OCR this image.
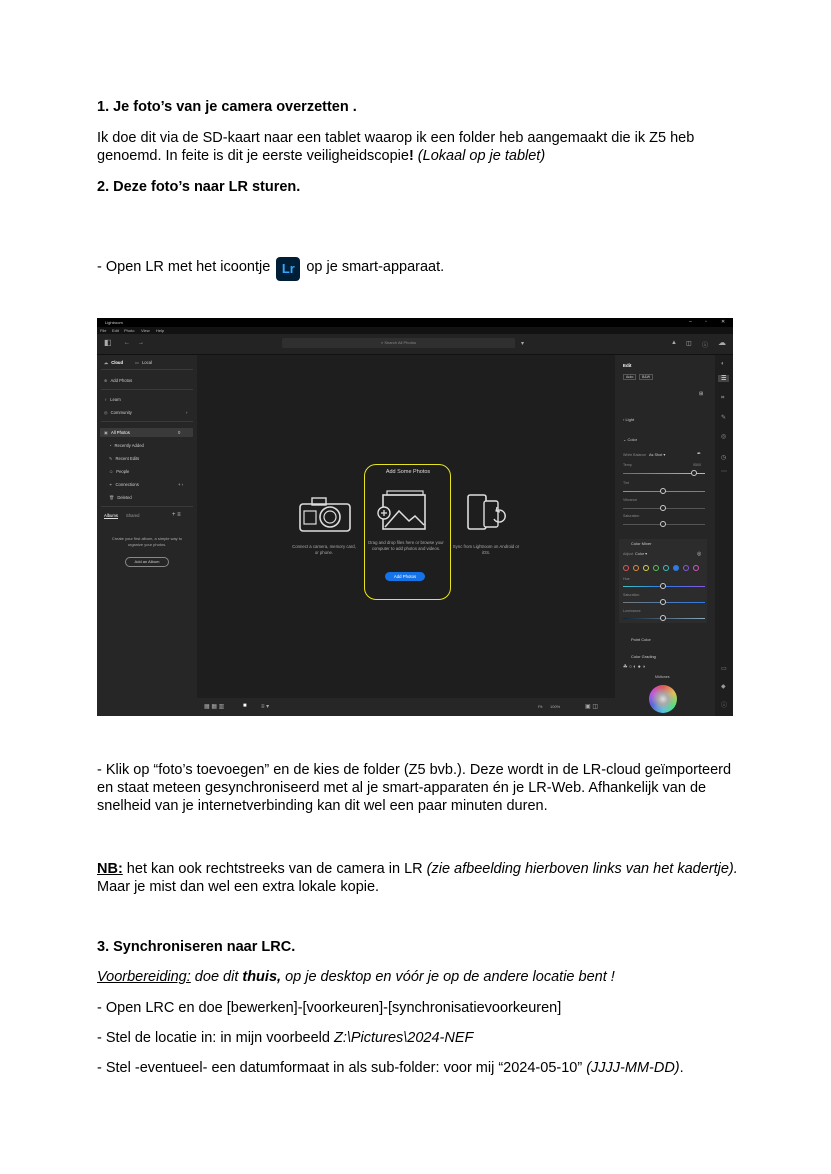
1. Je foto’s van je camera overzetten .
Ik doe dit via de SD-kaart naar een tablet waarop ik een folder heb aangemaakt die ik Z5 heb genoemd. In feite is dit je eerste veiligheidscopie! (Lokaal op je tablet)
2. Deze foto’s naar LR sturen.
- Open LR met het icoontje Lr op je smart-apparaat.
Lightroom	–	▫	✕
File Edit Photo View Help
◧ ← →	⌕ Search All Photos	▾	▲ ◫ ⓘ ☁
☁ Cloud	▭ Local
⊕ Add Photos
♀ Learn
◎ Community	›
▣ All Photos	0
◔ Recently Added
✎ Recent Edits
☺ People
⚭ Connections	+ ›
🗑 Deleted
Albums Shared	+ ≡
Create your first album, a simple way to organize your photos.
Add an Album
Connect a camera, memory card, or phone.
Add Some Photos
Drag and drop files here or browse your computer to add photos and videos.
Add Photos
Sync from Lightroom on Android or iOS.
▦ ▦ ▥	■ ≡ ▾	Fit 100%	▣ ◫
Edit
Auto	B&W
⊞
› Light
⌄ Color
White Balance As Shot ▾	✒
Temp	5500
Tint
Vibrance
Saturation
Color Mixer
Adjust Color ▾	◎
Hue
Saturation
Luminance
Point Color
Color Grading
☘ ○ ◐ ● ◑
Midtones
◐
☰
⌗
✎
◎
◷
⋯
▭
◆
ⓘ
- Klik op “foto’s toevoegen” en de kies de folder (Z5 bvb.). Deze wordt in de LR-cloud geïmporteerd en staat meteen gesynchroniseerd met al je smart-apparaten én je LR-Web. Afhankelijk van de snelheid van je internetverbinding kan dit wel een paar minuten duren.
NB: het kan ook rechtstreeks van de camera in LR (zie afbeelding hierboven links van het kadertje). Maar je mist dan wel een extra lokale kopie.
3. Synchroniseren naar LRC.
Voorbereiding: doe dit thuis, op je desktop en vóór je op de andere locatie bent !
- Open LRC en doe [bewerken]-[voorkeuren]-[synchronisatievoorkeuren]
- Stel de locatie in: in mijn voorbeeld Z:\Pictures\2024-NEF
- Stel -eventueel- een datumformaat in als sub-folder: voor mij “2024-05-10” (JJJJ-MM-DD).
